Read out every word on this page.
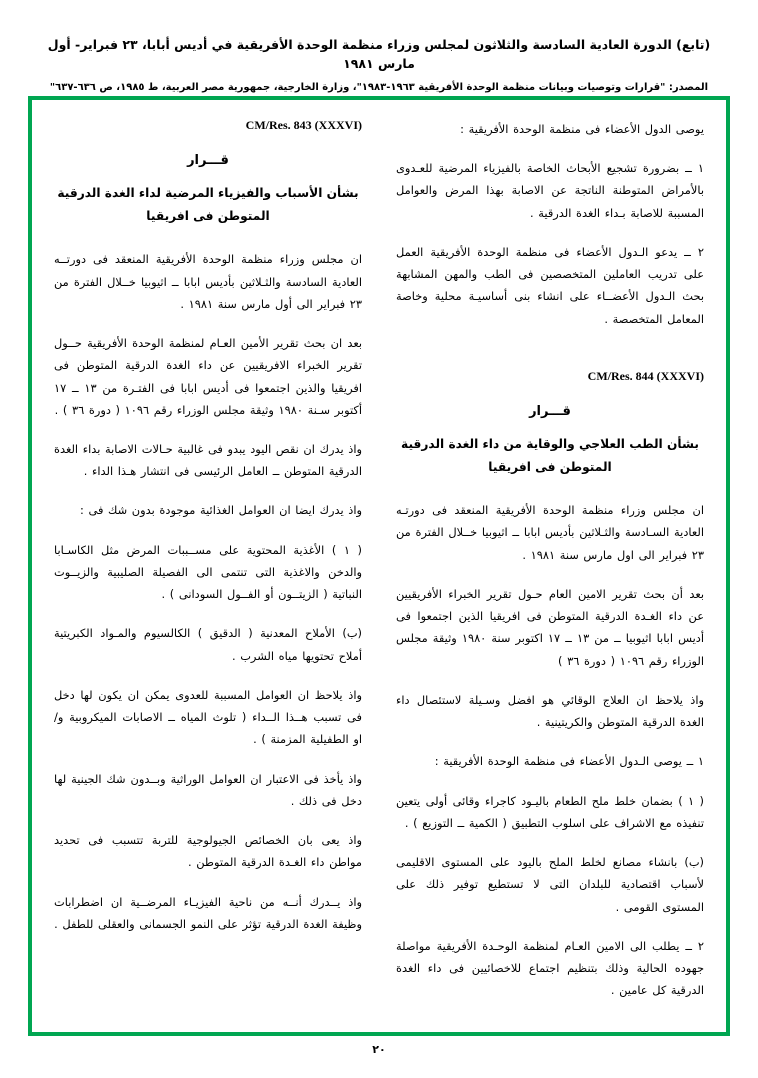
(تابع) الدورة العادية السادسة والثلاثون لمجلس وزراء منظمة الوحدة الأفريقية في أديس أبابا، ٢٣ فبراير- أول مارس ١٩٨١
المصدر: "قرارات وتوصيات وبيانات منظمة الوحدة الأفريقية ١٩٦٣-١٩٨٣"، وزارة الخارجية، جمهورية مصر العربية، ط ١٩٨٥، ص ٦٣٦-٦٣٧"
يوصى الدول الأعضاء فى منظمة الوحدة الأفريقية :
١ ــ بضرورة تشجيع الأبحاث الخاصة بالفيزياء المرضية للعـدوى بالأمراض المتوطنة الناتجة عن الاصابة بهذا المرض والعوامل المسببة للاصابة بـداء الغدة الدرقية .
٢ ــ يدعو الـدول الأعضاء فى منظمة الوحدة الأفريقية العمل على تدريب العاملين المتخصصين فى الطب والمهن المشابهة بحث الـدول الأعضــاء على انشاء بنى أساسيـة محلية وخاصة المعامل المتخصصة .
CM/Res. 844 (XXXVI)
قـــرار
بشأن الطب العلاجي والوقاية من داء الغدة الدرقية المتوطن فى افريقيا
ان مجلس وزراء منظمة الوحدة الأفريقية المنعقد فى دورتـه العادية السـادسة والثـلاثين بأديس ابابا ــ اثيوبيا خــلال الفترة من ٢٣ فبراير الى اول مارس سنة ١٩٨١ .
بعد أن بحث تقرير الامين العام حـول تقرير الخبراء الأفريقيين عن داء الغـدة الدرقية المتوطن فى افريقيا الذين اجتمعوا فى أديس ابابا اثيوبيا ــ من ١٣ ــ ١٧ اكتوبر سنة ١٩٨٠ وثيقة مجلس الوزراء رقم ١٠٩٦ ( دورة ٣٦ )
واذ يلاحظ ان العلاج الوقائي هو افضل وسـيلة لاستئصال داء الغدة الدرقية المتوطن والكريتينية .
١ ــ يوصى الـدول الأعضاء فى منظمة الوحدة الأفريقية :
( ١ ) بضمان خلط ملح الطعام باليـود كاجراء وقائى أولى يتعين تنفيذه مع الاشراف على اسلوب التطبيق ( الكمية ــ التوزيع ) .
(ب) بانشاء مصانع لخلط الملح باليود على المستوى الاقليمى لأسباب اقتصادية للبلدان التى لا تستطيع توفير ذلك على المستوى القومى .
٢ ــ يطلب الى الامين العـام لمنظمة الوحـدة الأفريقية مواصلة جهوده الحالية وذلك بتنظيم اجتماع للاخصائيين فى داء الغدة الدرقية كل عامين .
CM/Res. 843 (XXXVI)
قـــرار
بشأن الأسباب والفيزياء المرضية لداء الغدة الدرقية المتوطن فى افريقيا
ان مجلس وزراء منظمة الوحدة الأفريقية المنعقد فى دورتــه العادية السادسة والثـلاثين بأديس ابابا ــ اثيوبيا خــلال الفترة من ٢٣ فبراير الى أول مارس سنة ١٩٨١ .
بعد ان بحث تقرير الأمين العـام لمنظمة الوحدة الأفريقية حــول تقرير الخبراء الافريقيين عن داء الغدة الدرقية المتوطن فى افريقيا والذين اجتمعوا فى أديس ابابا فى الفتـرة من ١٣ ــ ١٧ أكتوبر سـنة ١٩٨٠ وثيقة مجلس الوزراء رقم ١٠٩٦ ( دورة ٣٦ ) .
واذ يدرك ان نقص اليود يبدو فى غالبية حـالات الاصابة بداء الغدة الدرقية المتوطن ــ العامل الرئيسى فى انتشار هـذا الداء .
واذ يدرك ايضا ان العوامل الغذائية موجودة بدون شك فى :
( ١ ) الأغذية المحتوية على مســببات المرض مثل الكاسـابا والدخن والاغذية التى تنتمى الى الفصيلة الصليبية والزيــوت النباتية ( الزيتــون أو الفــول السودانى ) .
(ب) الأملاح المعدنية ( الدقيق ) الكالسيوم والمـواد الكبريتية أملاح تحتويها مياه الشرب .
واذ يلاحظ ان العوامل المسببة للعدوى يمكن ان يكون لها دخل فى تسبب هــذا الــداء ( تلوث المياه ــ الاصابات الميكروبية و/ او الطفيلية المزمنة ) .
واذ يأخذ فى الاعتبار ان العوامل الوراثية وبــدون شك الجينية لها دخل فى ذلك .
واذ يعى بان الخصائص الجيولوجية للتربة تتسبب فى تحديد مواطن داء الغـدة الدرقية المتوطن .
واذ يــدرك أنــه من ناحية الفيزيـاء المرضــية ان اضطرابات وظيفة الغدة الدرقية تؤثر على النمو الجسمانى والعقلى للطفل .
٢٠
